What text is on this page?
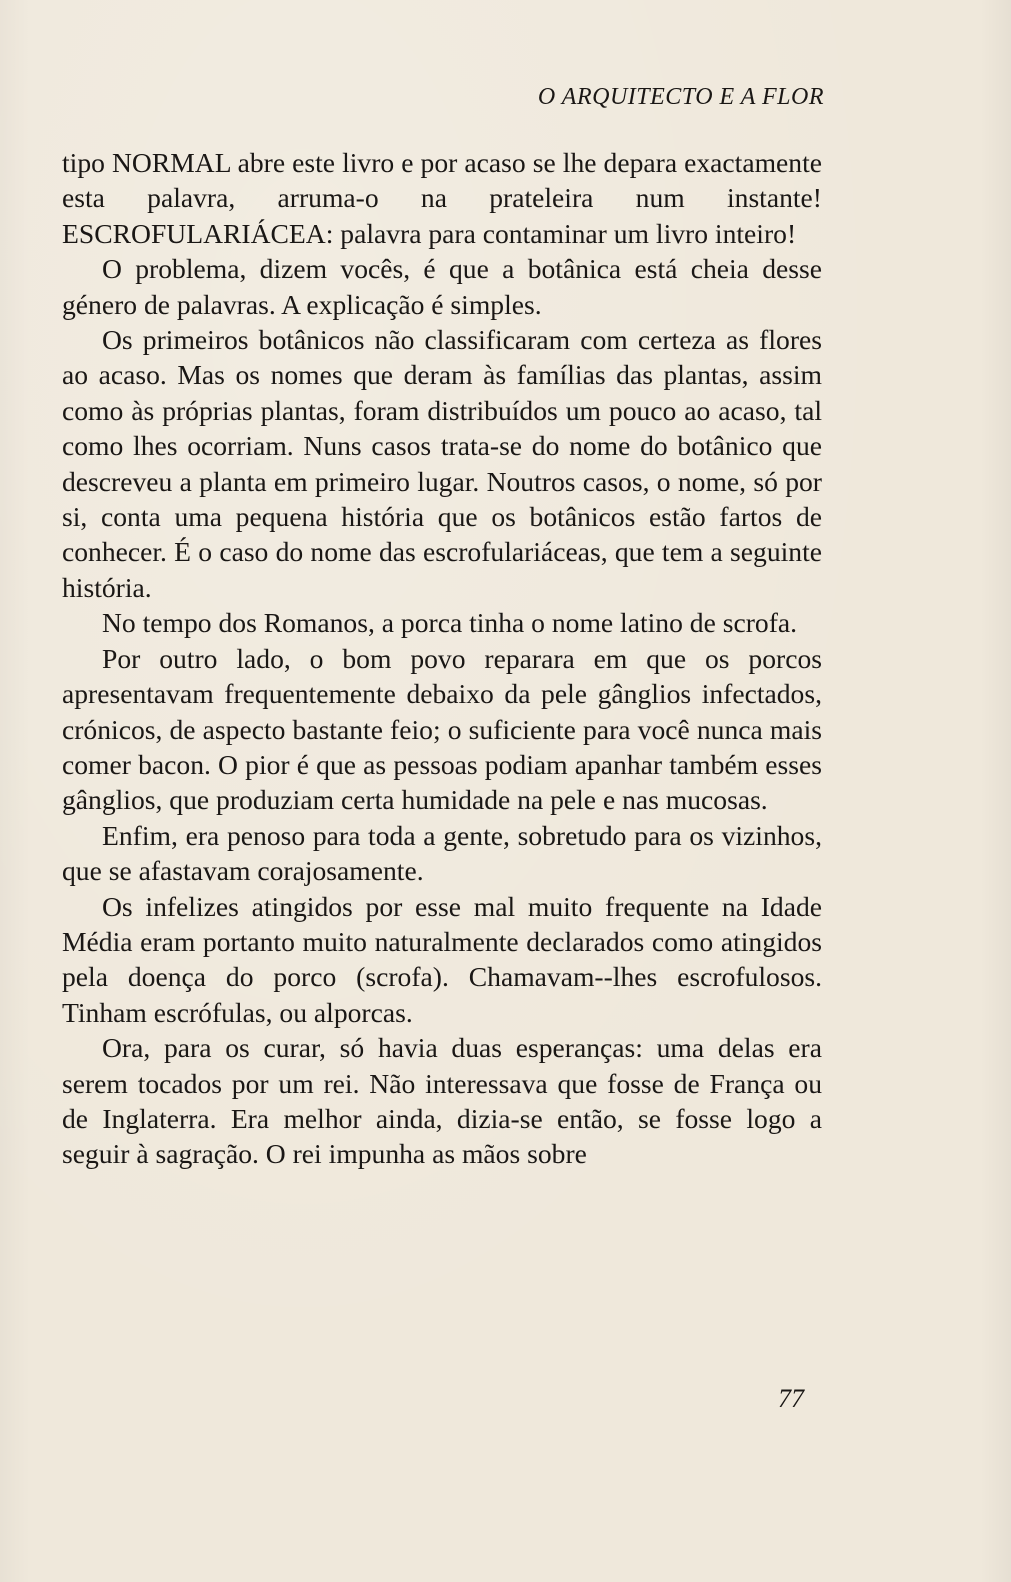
O ARQUITECTO E A FLOR

tipo NORMAL abre este livro e por acaso se lhe depara exactamente esta palavra, arruma-o na prateleira num instante! ESCROFULARIÁCEA: palavra para contaminar um livro inteiro!

O problema, dizem vocês, é que a botânica está cheia desse género de palavras. A explicação é simples.

Os primeiros botânicos não classificaram com certeza as flores ao acaso. Mas os nomes que deram às famílias das plantas, assim como às próprias plantas, foram distribuídos um pouco ao acaso, tal como lhes ocorriam. Nuns casos trata-se do nome do botânico que descreveu a planta em primeiro lugar. Noutros casos, o nome, só por si, conta uma pequena história que os botânicos estão fartos de conhecer. É o caso do nome das escrofulariáceas, que tem a seguinte história.

No tempo dos Romanos, a porca tinha o nome latino de scrofa.

Por outro lado, o bom povo reparara em que os porcos apresentavam frequentemente debaixo da pele gânglios infectados, crónicos, de aspecto bastante feio; o suficiente para você nunca mais comer bacon. O pior é que as pessoas podiam apanhar também esses gânglios, que produziam certa humidade na pele e nas mucosas.

Enfim, era penoso para toda a gente, sobretudo para os vizinhos, que se afastavam corajosamente.

Os infelizes atingidos por esse mal muito frequente na Idade Média eram portanto muito naturalmente declarados como atingidos pela doença do porco (scrofa). Chamavam--lhes escrofulosos. Tinham escrófulas, ou alporcas.

Ora, para os curar, só havia duas esperanças: uma delas era serem tocados por um rei. Não interessava que fosse de França ou de Inglaterra. Era melhor ainda, dizia-se então, se fosse logo a seguir à sagração. O rei impunha as mãos sobre

77
